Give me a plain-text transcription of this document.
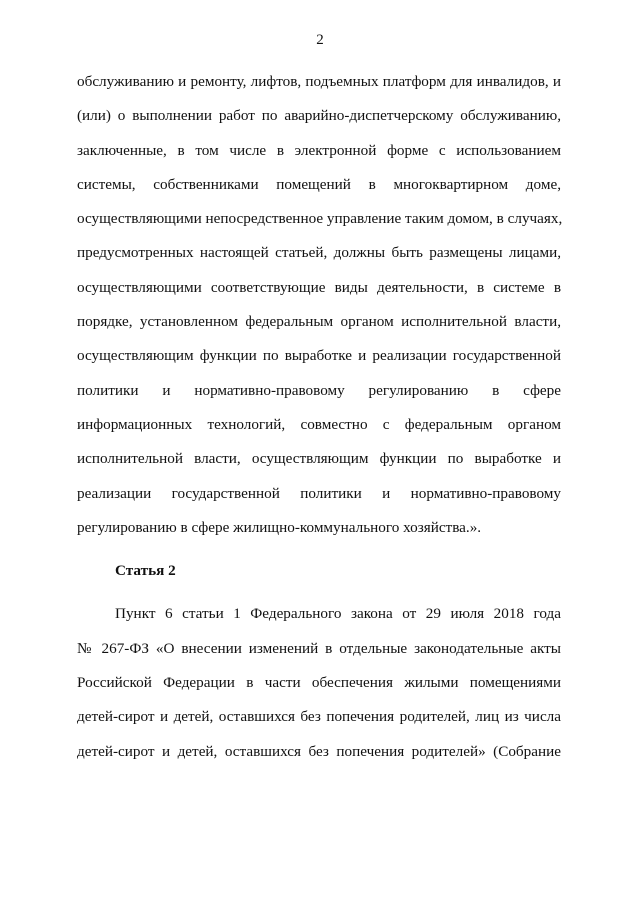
2
обслуживанию и ремонту, лифтов, подъемных платформ для инвалидов, и
(или) о выполнении работ по аварийно-диспетчерскому обслуживанию,
заключенные, в том числе в электронной форме с использованием
системы, собственниками помещений в многоквартирном доме,
осуществляющими непосредственное управление таким домом, в случаях,
предусмотренных настоящей статьей, должны быть размещены лицами,
осуществляющими соответствующие виды деятельности, в системе в
порядке, установленном федеральным органом исполнительной власти,
осуществляющим функции по выработке и реализации государственной
политики и нормативно-правовому регулированию в сфере
информационных технологий, совместно с федеральным органом
исполнительной власти, осуществляющим функции по выработке и
реализации государственной политики и нормативно-правовому
регулированию в сфере жилищно-коммунального хозяйства.».
Статья 2
Пункт 6 статьи 1 Федерального закона от 29 июля 2018 года
№ 267-ФЗ «О внесении изменений в отдельные законодательные акты
Российской Федерации в части обеспечения жилыми помещениями
детей-сирот и детей, оставшихся без попечения родителей, лиц из числа
детей-сирот и детей, оставшихся без попечения родителей» (Собрание
